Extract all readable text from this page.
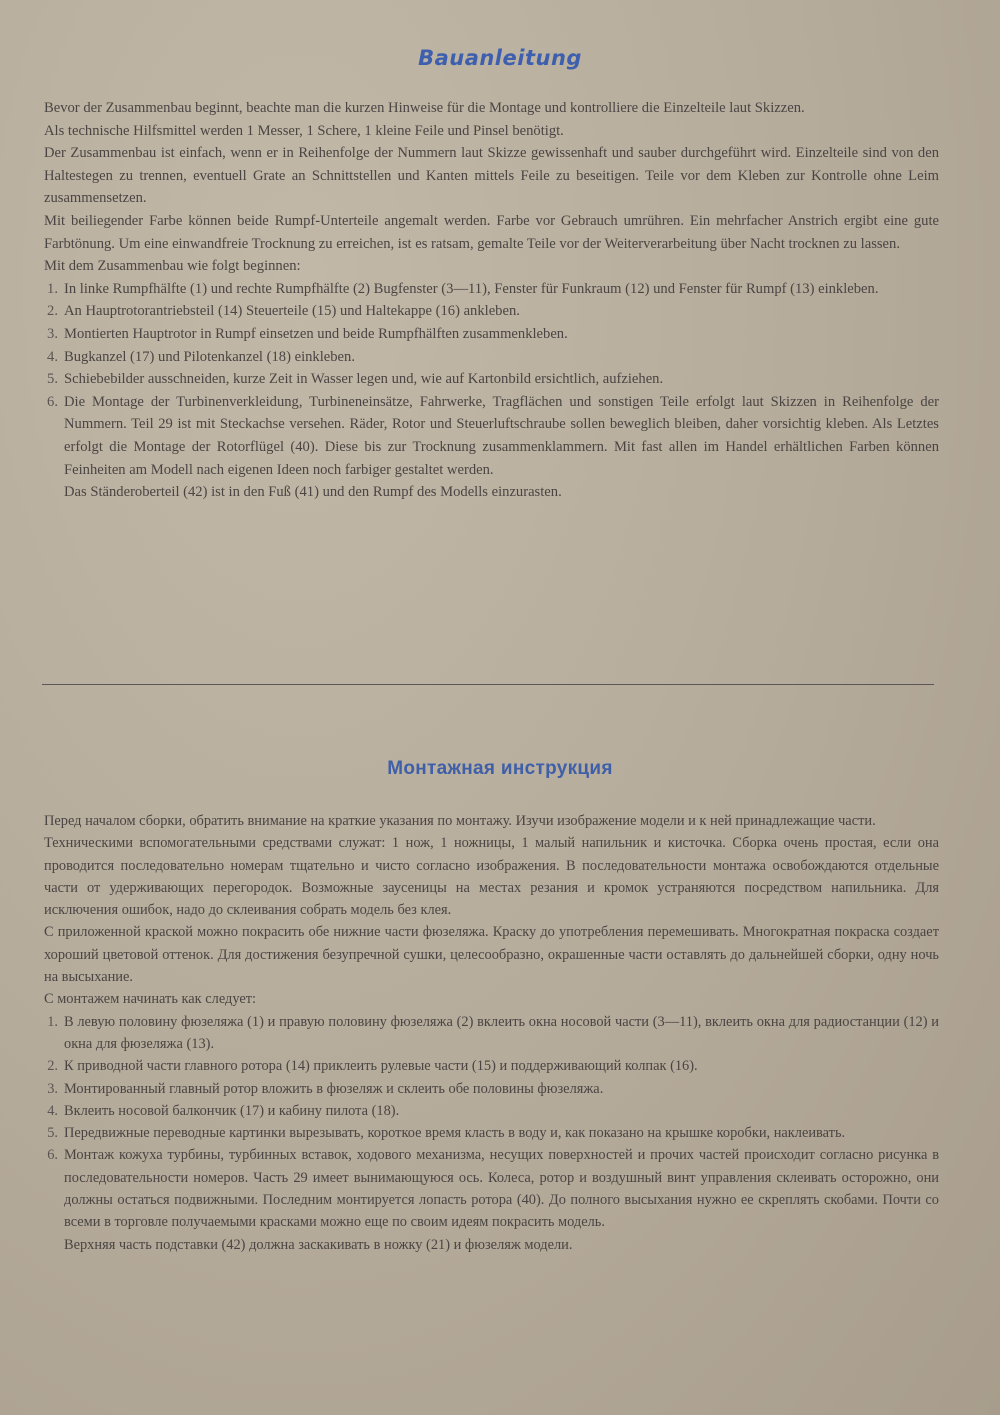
Bauanleitung

Bevor der Zusammenbau beginnt, beachte man die kurzen Hinweise für die Montage und kontrolliere die Einzelteile laut Skizzen.

Als technische Hilfsmittel werden 1 Messer, 1 Schere, 1 kleine Feile und Pinsel benötigt.

Der Zusammenbau ist einfach, wenn er in Reihenfolge der Nummern laut Skizze gewissenhaft und sauber durchgeführt wird. Einzelteile sind von den Haltestegen zu trennen, eventuell Grate an Schnittstellen und Kanten mittels Feile zu beseitigen. Teile vor dem Kleben zur Kontrolle ohne Leim zusammensetzen.

Mit beiliegender Farbe können beide Rumpf-Unterteile angemalt werden. Farbe vor Gebrauch umrühren. Ein mehrfacher Anstrich ergibt eine gute Farbtönung. Um eine einwandfreie Trocknung zu erreichen, ist es ratsam, gemalte Teile vor der Weiterverarbeitung über Nacht trocknen zu lassen.

Mit dem Zusammenbau wie folgt beginnen:

1. In linke Rumpfhälfte (1) und rechte Rumpfhälfte (2) Bugfenster (3—11), Fenster für Funkraum (12) und Fenster für Rumpf (13) einkleben.
2. An Hauptrotorantriebsteil (14) Steuerteile (15) und Haltekappe (16) ankleben.
3. Montierten Hauptrotor in Rumpf einsetzen und beide Rumpfhälften zusammenkleben.
4. Bugkanzel (17) und Pilotenkanzel (18) einkleben.
5. Schiebebilder ausschneiden, kurze Zeit in Wasser legen und, wie auf Kartonbild ersichtlich, aufziehen.
6. Die Montage der Turbinenverkleidung, Turbineneinsätze, Fahrwerke, Tragflächen und sonstigen Teile erfolgt laut Skizzen in Reihenfolge der Nummern. Teil 29 ist mit Steckachse versehen. Räder, Rotor und Steuerluftschraube sollen beweglich bleiben, daher vorsichtig kleben. Als Letztes erfolgt die Montage der Rotorflügel (40). Diese bis zur Trocknung zusammenklammern. Mit fast allen im Handel erhältlichen Farben können Feinheiten am Modell nach eigenen Ideen noch farbiger gestaltet werden.
Das Ständeroberteil (42) ist in den Fuß (41) und den Rumpf des Modells einzurasten.
Монтажная инструкция

Перед началом сборки, обратить внимание на краткие указания по монтажу. Изучи изображение модели и к ней принадлежащие части.

Техническими вспомогательными средствами служат: 1 нож, 1 ножницы, 1 малый напильник и кисточка. Сборка очень простая, если она проводится последовательно номерам тщательно и чисто согласно изображения. В последовательности монтажа освобождаются отдельные части от удерживающих перегородок. Возможные заусеницы на местах резания и кромок устраняются посредством напильника. Для исключения ошибок, надо до склеивания собрать модель без клея.

С приложенной краской можно покрасить обе нижние части фюзеляжа. Краску до употребления перемешивать. Многократная покраска создает хороший цветовой оттенок. Для достижения безупречной сушки, целесообразно, окрашенные части оставлять до дальнейшей сборки, одну ночь на высыхание.

С монтажем начинать как следует:

1. В левую половину фюзеляжа (1) и правую половину фюзеляжа (2) вклеить окна носовой части (3—11), вклеить окна для радиостанции (12) и окна для фюзеляжа (13).
2. К приводной части главного ротора (14) приклеить рулевые части (15) и поддерживающий колпак (16).
3. Монтированный главный ротор вложить в фюзеляж и склеить обе половины фюзеляжа.
4. Вклеить носовой балкончик (17) и кабину пилота (18).
5. Передвижные переводные картинки вырезывать, короткое время класть в воду и, как показано на крышке коробки, наклеивать.
6. Монтаж кожуха турбины, турбинных вставок, ходового механизма, несущих поверхностей и прочих частей происходит согласно рисунка в последовательности номеров. Часть 29 имеет вынимающуюся ось. Колеса, ротор и воздушный винт управления склеивать осторожно, они должны остаться подвижными. Последним монтируется лопасть ротора (40). До полного высыхания нужно ее скреплять скобами. Почти со всеми в торговле получаемыми красками можно еще по своим идеям покрасить модель.
Верхняя часть подставки (42) должна заскакивать в ножку (21) и фюзеляж модели.
